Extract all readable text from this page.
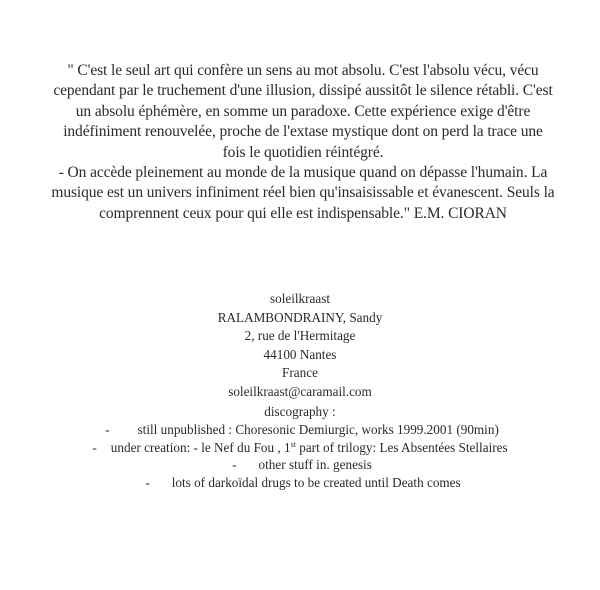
" C'est le seul art qui confère un sens au mot absolu. C'est l'absolu vécu, vécu
cependant par le truchement d'une illusion, dissipé aussitôt le silence rétabli. C'est
un absolu éphémère, en somme un paradoxe. Cette expérience exige d'être
indéfiniment renouvelée, proche de l'extase mystique dont on perd la trace une
fois le quotidien réintégré.
- On accède pleinement au monde de la musique quand on dépasse l'humain. La
musique est un univers infiniment réel bien qu'insaisissable et évanescent. Seuls la
comprennent ceux pour qui elle est indispensable." E.M. CIORAN
soleilkraast
RALAMBONDRAINY, Sandy
2, rue de l'Hermitage
44100 Nantes
France
soleilkraast@caramail.com
discography :
- still unpublished : Choresonic Demiurgic, works 1999.2001 (90min)
- under creation: - le Nef du Fou , 1st part of trilogy: Les Absentées Stellaires
- other stuff in. genesis
- lots of darkoïdal drugs to be created until Death comes
